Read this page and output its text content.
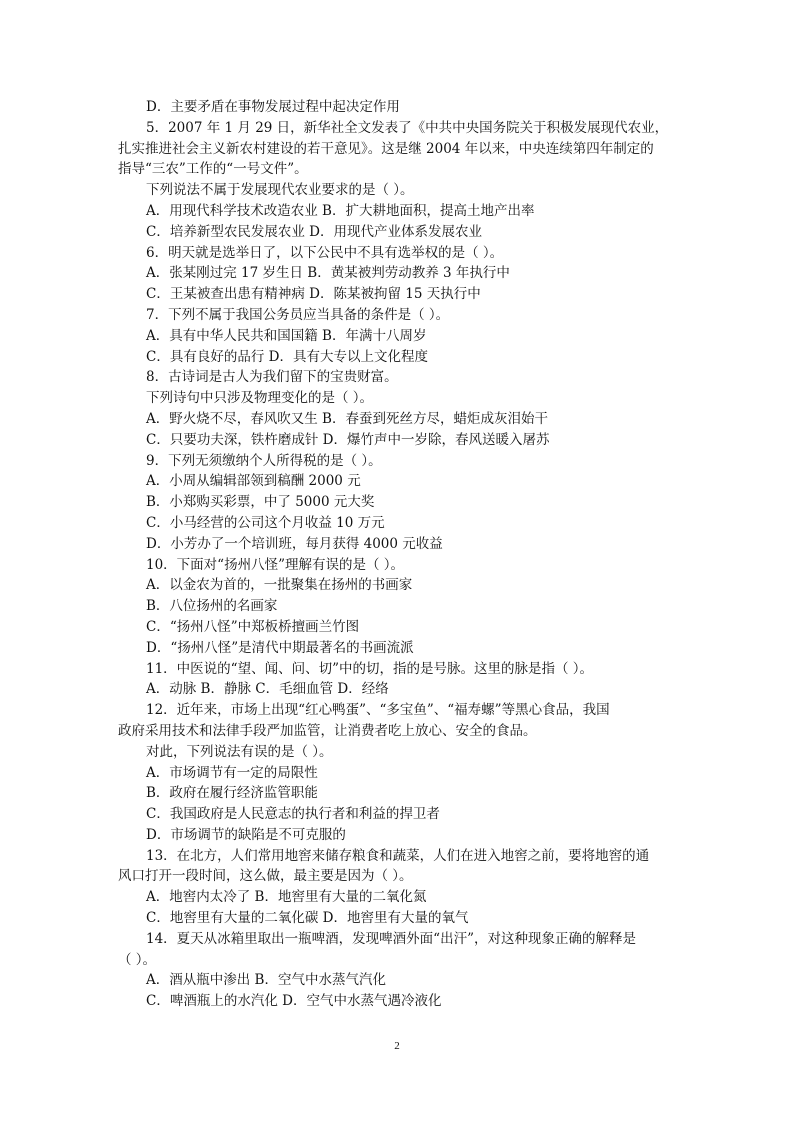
D．主要矛盾在事物发展过程中起决定作用
5．2007 年 1 月 29 日，新华社全文发表了《中共中央国务院关于积极发展现代农业，
扎实推进社会主义新农村建设的若干意见》。这是继 2004 年以来，中央连续第四年制定的
指导“三农”工作的“一号文件”。
下列说法不属于发展现代农业要求的是（ ）。
A．用现代科学技术改造农业 B．扩大耕地面积，提高土地产出率
C．培养新型农民发展农业 D．用现代产业体系发展农业
6．明天就是选举日了，以下公民中不具有选举权的是（ ）。
A．张某刚过完 17 岁生日 B．黄某被判劳动教养 3 年执行中
C．王某被查出患有精神病 D．陈某被拘留 15 天执行中
7．下列不属于我国公务员应当具备的条件是（ ）。
A．具有中华人民共和国国籍 B．年满十八周岁
C．具有良好的品行 D．具有大专以上文化程度
8．古诗词是古人为我们留下的宝贵财富。
下列诗句中只涉及物理变化的是（ ）。
A．野火烧不尽，春风吹又生 B．春蚕到死丝方尽，蜡炬成灰泪始干
C．只要功夫深，铁杵磨成针 D．爆竹声中一岁除，春风送暖入屠苏
9．下列无须缴纳个人所得税的是（ ）。
A．小周从编辑部领到稿酬 2000 元
B．小郑购买彩票，中了 5000 元大奖
C．小马经营的公司这个月收益 10 万元
D．小芳办了一个培训班，每月获得 4000 元收益
10．下面对“扬州八怪”理解有误的是（ ）。
A．以金农为首的，一批聚集在扬州的书画家
B．八位扬州的名画家
C．“扬州八怪”中郑板桥擅画兰竹图
D．“扬州八怪”是清代中期最著名的书画流派
11．中医说的“望、闻、问、切”中的切，指的是号脉。这里的脉是指（ ）。
A．动脉 B．静脉 C．毛细血管 D．经络
12．近年来，市场上出现“红心鸭蛋”、“多宝鱼”、“福寿螺”等黑心食品，我国
政府采用技术和法律手段严加监管，让消费者吃上放心、安全的食品。
对此，下列说法有误的是（ ）。
A．市场调节有一定的局限性
B．政府在履行经济监管职能
C．我国政府是人民意志的执行者和利益的捍卫者
D．市场调节的缺陷是不可克服的
13．在北方，人们常用地窖来储存粮食和蔬菜，人们在进入地窖之前，要将地窖的通
风口打开一段时间，这么做，最主要是因为（ ）。
A．地窖内太冷了 B．地窖里有大量的二氧化氮
C．地窖里有大量的二氧化碳 D．地窖里有大量的氧气
14．夏天从冰箱里取出一瓶啤酒，发现啤酒外面“出汗”，对这种现象正确的解释是
（ ）。
A．酒从瓶中渗出 B．空气中水蒸气汽化
C．啤酒瓶上的水汽化 D．空气中水蒸气遇冷液化
2
